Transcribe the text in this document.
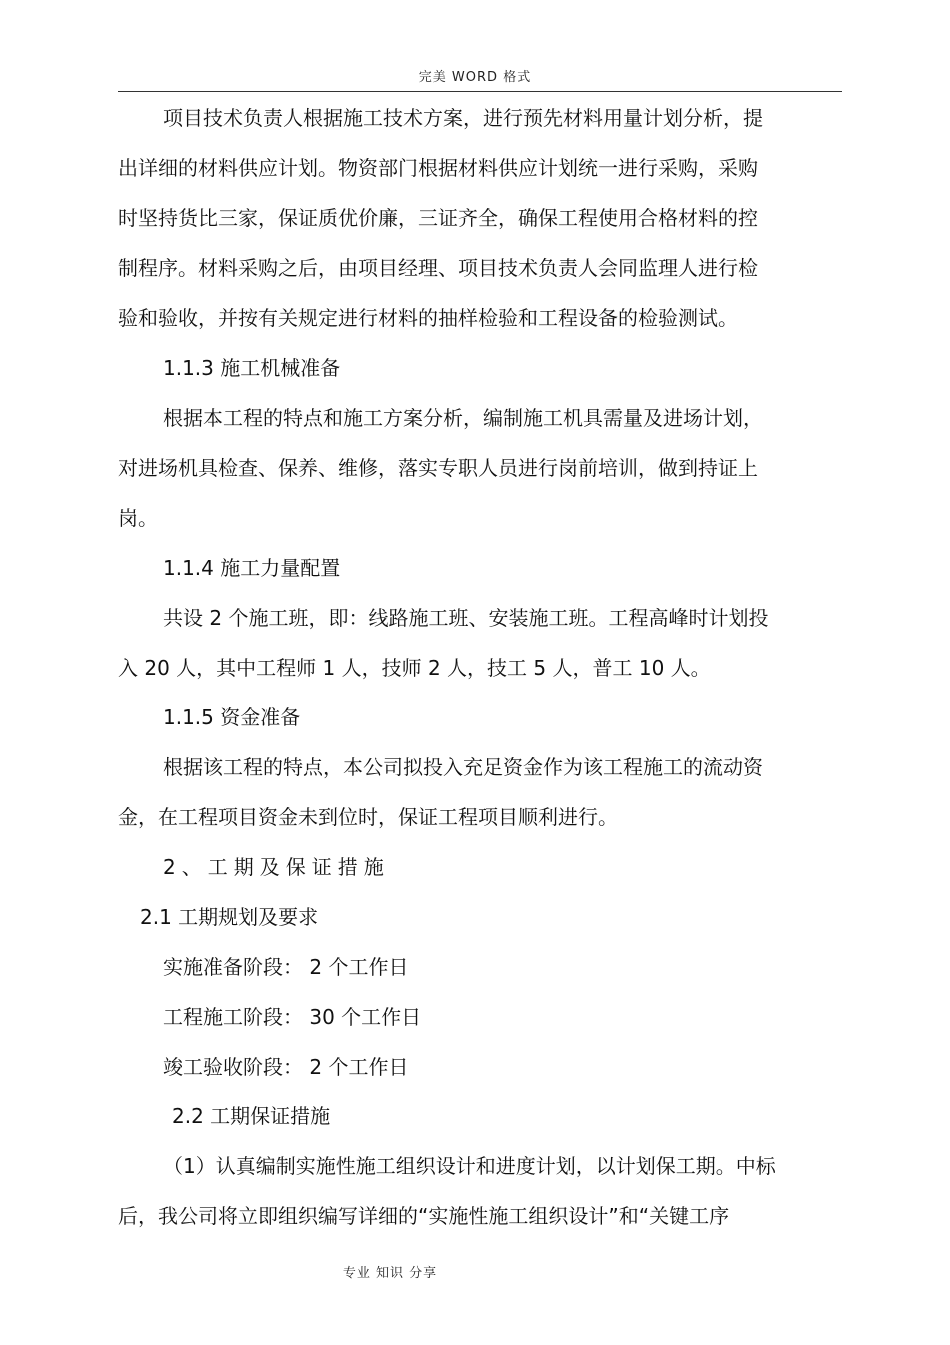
完美 WORD 格式
项目技术负责人根据施工技术方案，进行预先材料用量计划分析，提
出详细的材料供应计划。物资部门根据材料供应计划统一进行采购，采购
时坚持货比三家，保证质优价廉，三证齐全，确保工程使用合格材料的控
制程序。材料采购之后，由项目经理、项目技术负责人会同监理人进行检
验和验收，并按有关规定进行材料的抽样检验和工程设备的检验测试。
1.1.3 施工机械准备
根据本工程的特点和施工方案分析，编制施工机具需量及进场计划，
对进场机具检查、保养、维修，落实专职人员进行岗前培训，做到持证上
岗。
1.1.4 施工力量配置
共设 2 个施工班，即：线路施工班、安装施工班。工程高峰时计划投
入 20 人，其中工程师 1 人，技师 2 人，技工 5 人，普工 10 人。
1.1.5 资金准备
根据该工程的特点，本公司拟投入充足资金作为该工程施工的流动资
金，在工程项目资金未到位时，保证工程项目顺利进行。
2、工期及保证措施
2.1 工期规划及要求
实施准备阶段： 2 个工作日
工程施工阶段： 30 个工作日
竣工验收阶段： 2 个工作日
2.2 工期保证措施
（1）认真编制实施性施工组织设计和进度计划，以计划保工期。中标
后，我公司将立即组织编写详细的“实施性施工组织设计”和“关键工序
专业 知识 分享
